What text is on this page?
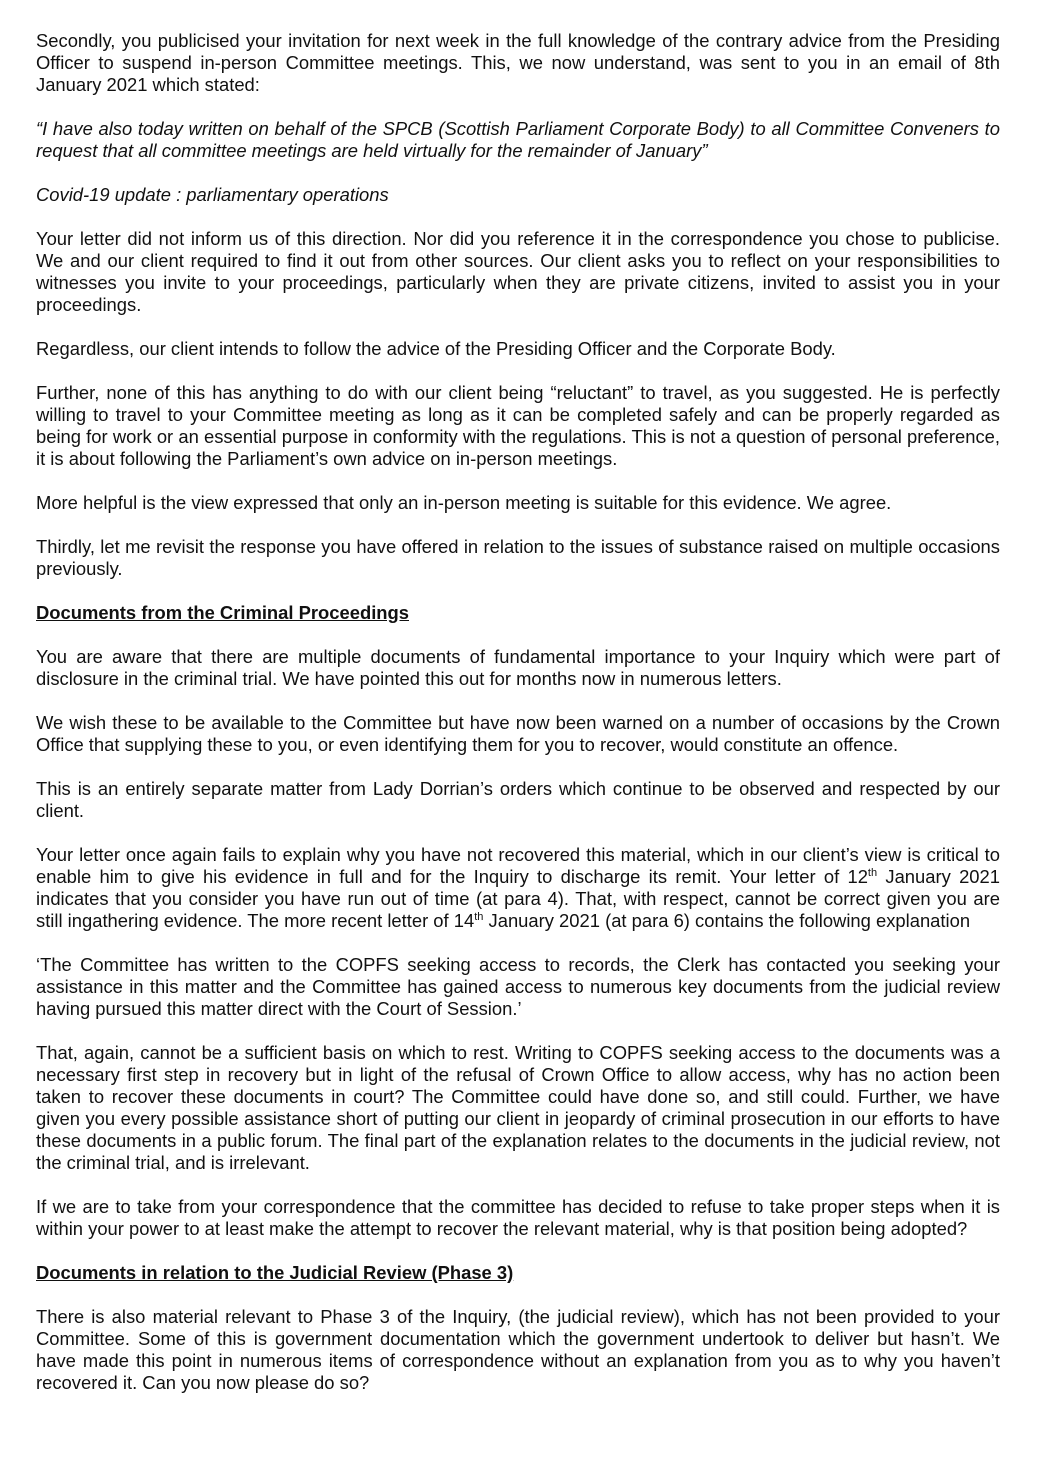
Secondly, you publicised your invitation for next week in the full knowledge of the contrary advice from the Presiding Officer to suspend in-person Committee meetings. This, we now understand, was sent to you in an email of 8th January 2021 which stated:

“I have also today written on behalf of the SPCB (Scottish Parliament Corporate Body) to all Committee Conveners to request that all committee meetings are held virtually for the remainder of January”

Covid-19 update : parliamentary operations

Your letter did not inform us of this direction. Nor did you reference it in the correspondence you chose to publicise. We and our client required to find it out from other sources. Our client asks you to reflect on your responsibilities to witnesses you invite to your proceedings, particularly when they are private citizens, invited to assist you in your proceedings.

Regardless, our client intends to follow the advice of the Presiding Officer and the Corporate Body.

Further, none of this has anything to do with our client being “reluctant” to travel, as you suggested. He is perfectly willing to travel to your Committee meeting as long as it can be completed safely and can be properly regarded as being for work or an essential purpose in conformity with the regulations. This is not a question of personal preference, it is about following the Parliament’s own advice on in-person meetings.

More helpful is the view expressed that only an in-person meeting is suitable for this evidence. We agree.

Thirdly, let me revisit the response you have offered in relation to the issues of substance raised on multiple occasions previously.

Documents from the Criminal Proceedings

You are aware that there are multiple documents of fundamental importance to your Inquiry which were part of disclosure in the criminal trial. We have pointed this out for months now in numerous letters.

We wish these to be available to the Committee but have now been warned on a number of occasions by the Crown Office that supplying these to you, or even identifying them for you to recover, would constitute an offence.

This is an entirely separate matter from Lady Dorrian’s orders which continue to be observed and respected by our client.

Your letter once again fails to explain why you have not recovered this material, which in our client’s view is critical to enable him to give his evidence in full and for the Inquiry to discharge its remit. Your letter of 12th January 2021 indicates that you consider you have run out of time (at para 4). That, with respect, cannot be correct given you are still ingathering evidence. The more recent letter of 14th January 2021 (at para 6) contains the following explanation

‘The Committee has written to the COPFS seeking access to records, the Clerk has contacted you seeking your assistance in this matter and the Committee has gained access to numerous key documents from the judicial review having pursued this matter direct with the Court of Session.’

That, again, cannot be a sufficient basis on which to rest. Writing to COPFS seeking access to the documents was a necessary first step in recovery but in light of the refusal of Crown Office to allow access, why has no action been taken to recover these documents in court? The Committee could have done so, and still could. Further, we have given you every possible assistance short of putting our client in jeopardy of criminal prosecution in our efforts to have these documents in a public forum. The final part of the explanation relates to the documents in the judicial review, not the criminal trial, and is irrelevant.

If we are to take from your correspondence that the committee has decided to refuse to take proper steps when it is within your power to at least make the attempt to recover the relevant material, why is that position being adopted?

Documents in relation to the Judicial Review (Phase 3)

There is also material relevant to Phase 3 of the Inquiry, (the judicial review), which has not been provided to your Committee. Some of this is government documentation which the government undertook to deliver but hasn’t. We have made this point in numerous items of correspondence without an explanation from you as to why you haven’t recovered it. Can you now please do so?
